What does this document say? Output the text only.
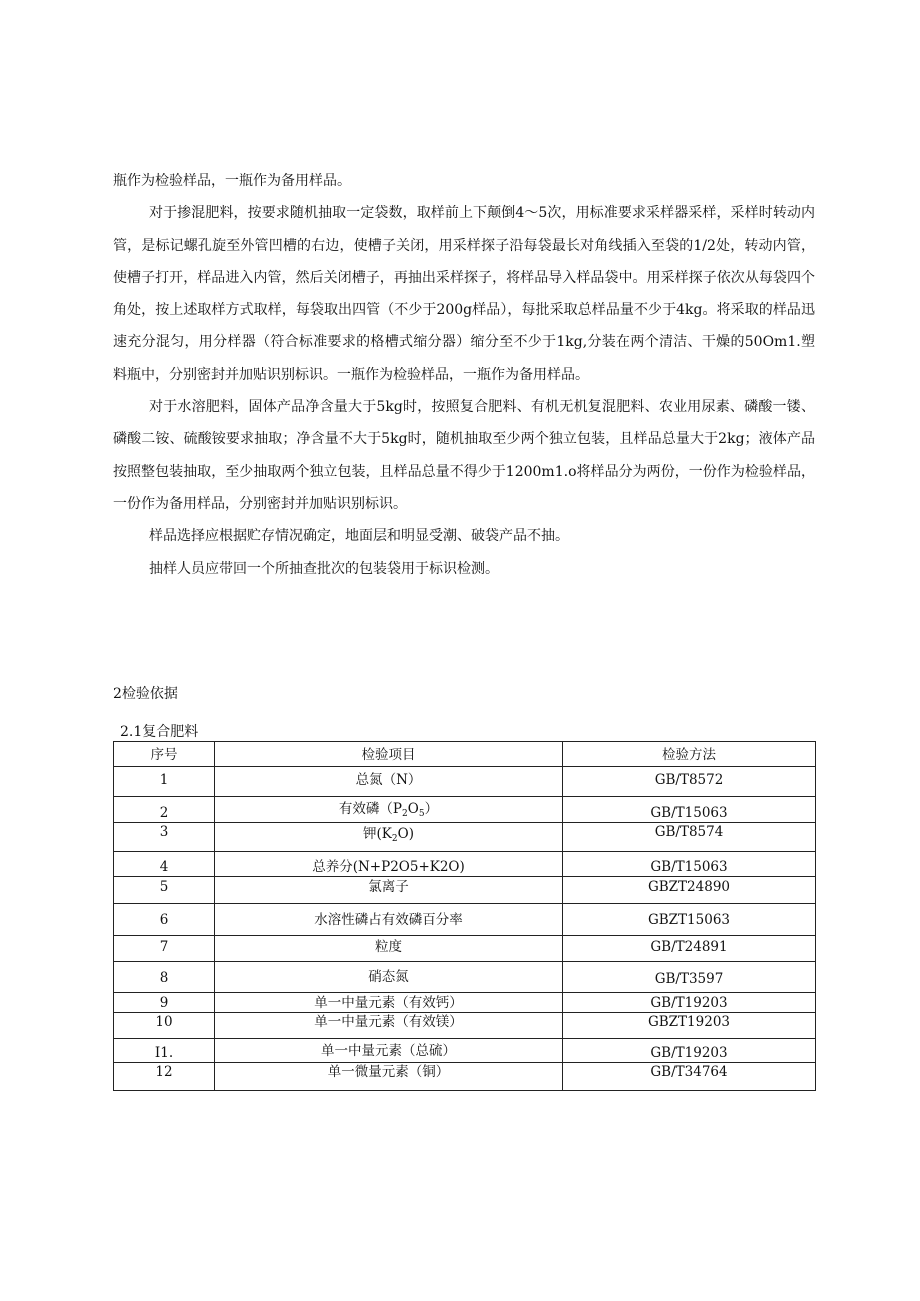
瓶作为检验样品，一瓶作为备用样品。

对于掺混肥料，按要求随机抽取一定袋数，取样前上下颠倒4～5次，用标准要求采样器采样，采样时转动内管，是标记螺孔旋至外管凹槽的右边，使槽子关闭，用采样探子沿每袋最长对角线插入至袋的1/2处，转动内管，使槽子打开，样品进入内管，然后关闭槽子，再抽出采样探子，将样品导入样品袋中。用采样探子依次从每袋四个角处，按上述取样方式取样，每袋取出四管（不少于200g样品），每批采取总样品量不少于4kg。将采取的样品迅速充分混匀，用分样器（符合标准要求的格槽式缩分器）缩分至不少于1kg,分装在两个清洁、干燥的50Om1.塑料瓶中，分别密封并加贴识别标识。一瓶作为检验样品，一瓶作为备用样品。

对于水溶肥料，固体产品净含量大于5kg时，按照复合肥料、有机无机复混肥料、农业用尿素、磷酸一镂、磷酸二铵、硫酸铵要求抽取；净含量不大于5kg时，随机抽取至少两个独立包装，且样品总量大于2kg；液体产品按照整包装抽取，至少抽取两个独立包装，且样品总量不得少于1200m1.o将样品分为两份，一份作为检验样品，一份作为备用样品，分别密封并加贴识别标识。

样品选择应根据贮存情况确定，地面层和明显受潮、破袋产品不抽。

抽样人员应带回一个所抽查批次的包装袋用于标识检测。

2检验依据
2.1复合肥料
序号	检验项目	检验方法

1	总氮（N）	GB/T8572

2	有效磷$(P_2O_5)$	GB/T15063

3	钾$(K_2O)$	GB/T8574

4	总养分(N+P2O5+K2O)	GB/T15063

5	氯离子	GBZT24890

6	水溶性磷占有效磷百分率	GBZT15063

7	粒度	GB/T24891

8	硝态氮	GB/T3597

9	单一中量元素（有效钙）	GB/T19203

10	单一中量元素（有效镁）	GBZT19203

I1.	单一中量元素（总硫）	GB/T19203

12	单一微量元素（铜）	GB/T34764
